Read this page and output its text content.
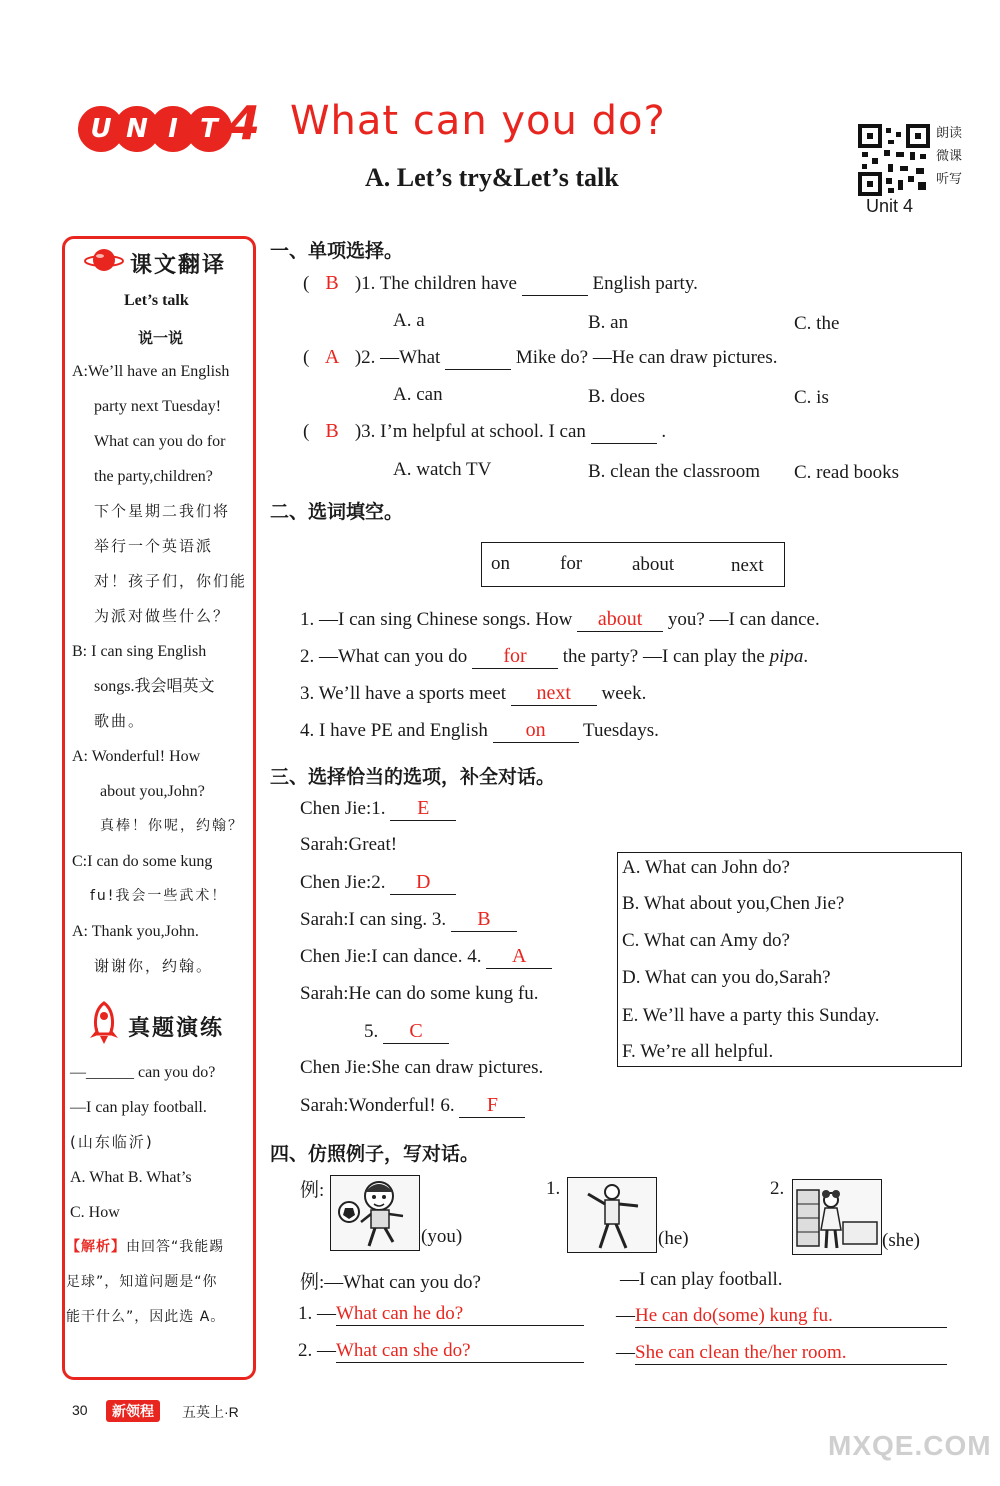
U N I T 4 What can you do?
A. Let’s try&Let’s talk
朗读
微课
听写
Unit 4
课文翻译
Let’s talk
说一说
A:We’ll have an English
party next Tuesday!
What can you do for
the party,children?
下个星期二我们将
举行一个英语派
对！孩子们，你们能
为派对做些什么？
B: I can sing English
songs.我会唱英文
歌曲。
A: Wonderful! How
about you,John?
真棒！你呢，约翰？
C:I can do some kung
fu!我会一些武术！
A: Thank you,John.
谢谢你，约翰。
真题演练
—______ can you do?
—I can play football.
(山东临沂)
A. What B. What’s
C. How
【解析】由回答“我能踢
足球”，知道问题是“你
能干什么”，因此选 A。
一、单项选择。
( B )1. The children have	English party.
A. a	B. an	C. the
( A )2. —What	Mike do? —He can draw pictures.
A. can	B. does	C. is
( B )3. I’m helpful at school. I can	.
A. watch TV	B. clean the classroom C. read books
二、选词填空。
on	for	about	next
1. —I can sing Chinese songs. How about you? —I can dance.
2. —What can you do for the party? —I can play the pipa.
3. We’ll have a sports meet next week.
4. I have PE and English on Tuesdays.
三、选择恰当的选项，补全对话。
Chen Jie:1. E
Sarah:Great!
Chen Jie:2. D
Sarah:I can sing. 3. B
Chen Jie:I can dance. 4. A
Sarah:He can do some kung fu.
5. C
Chen Jie:She can draw pictures.
Sarah:Wonderful! 6. F
A. What can John do?
B. What about you,Chen Jie?
C. What can Amy do?
D. What can you do,Sarah?
E. We’ll have a party this Sunday.
F. We’re all helpful.
四、仿照例子，写对话。
例:
(you)
1.
(he)
2.
(she)
例:—What can you do?	—I can play football.
1. —What can he do?	—He can do(some) kung fu.
2. —What can she do?	—She can clean the/her room.
30	新领程	五英上·R
MXQE.COM
